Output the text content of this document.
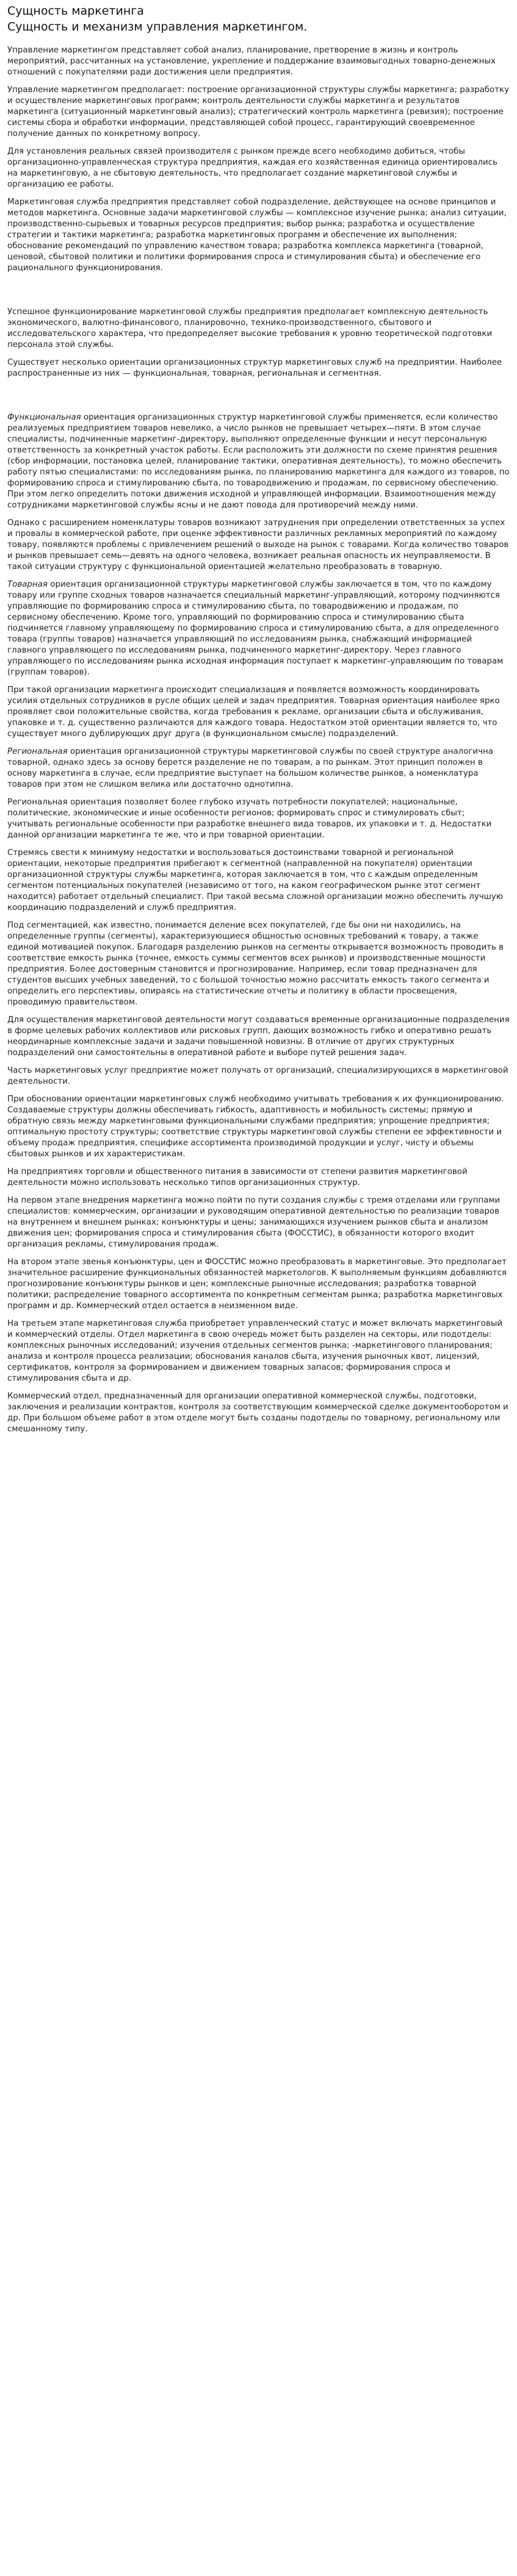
Сущность маркетинга
Сущность и механизм управления маркетингом.

Управление маркетингом представляет собой анализ, планирование, претворение в жизнь и контроль мероприятий, рассчитанных на установление, укрепление и поддержание взаимовыгодных товарно-денежных отношений с покупателями ради достижения цели предприятия.

Управление маркетингом предполагает: построение организационной структуры службы маркетинга; разработку и осуществление маркетинговых программ; контроль деятельности службы маркетинга и результатов маркетинга (ситуационный маркетинговый анализ); стратегический контроль маркетинга (ревизия); построение системы сбора и обработки информации, представляющей собой процесс, гарантирующий своевременное получение данных по конкретному вопросу.

Для установления реальных связей производителя с рынком прежде всего необходимо добиться, чтобы организационно-управленческая структура предприятия, каждая его хозяйственная единица ориентировались на маркетинговую, а не сбытовую деятельность, что предполагает создание маркетинговой службы и организацию ее работы.

Маркетинговая служба предприятия представляет собой подразделение, действующее на основе принципов и методов маркетинга. Основные задачи маркетинговой службы — комплексное изучение рынка; анализ ситуации, производственно-сырьевых и товарных ресурсов предприятия; выбор рынка; разработка и осуществление стратегии и тактики маркетинга; разработка маркетинговых программ и обеспечение их выполнения; обоснование рекомендаций по управлению качеством товара; разработка комплекса маркетинга (товарной, ценовой, сбытовой политики и политики формирования спроса и стимулирования сбыта) и обеспечение его рационального функционирования.

Успешное функционирование маркетинговой службы предприятия предполагает комплексную деятельность экономического, валютно-финансового, планировочно, технико-производственного, сбытового и исследовательского характера, что предопределяет высокие требования к уровню теоретической подготовки персонала этой службы.

Существует несколько ориентации организационных структур маркетинговых служб на предприятии. Наиболее распространенные из них — функциональная, товарная, региональная и сегментная.

Функциональная ориентация организационных структур маркетинговой службы применяется, если количество реализуемых предприятием товаров невелико, а число рынков не превышает четырех—пяти. В этом случае специалисты, подчиненные маркетинг-директору, выполняют определенные функции и несут персональную ответственность за конкретный участок работы. Если расположить эти должности по схеме принятия решения (сбор информации, постановка целей, планирование тактики, оперативная деятельность), то можно обеспечить работу пятью специалистами: по исследованиям рынка, по планированию маркетинга для каждого из товаров, по формированию спроса и стимулированию сбыта, по товародвижению и продажам, по сервисному обеспечению. При этом легко определить потоки движения исходной и управляющей информации. Взаимоотношения между сотрудниками маркетинговой службы ясны и не дают повода для противоречий между ними.

Однако с расширением номенклатуры товаров возникают затруднения при определении ответственных за успех и провалы в коммерческой работе, при оценке эффективности различных рекламных мероприятий по каждому товару, появляются проблемы с привлечением решений о выходе на рынок с товарами. Когда количество товаров и рынков превышает семь—девять на одного человека, возникает реальная опасность их неуправляемости. В такой ситуации структуру с функциональной ориентацией желательно преобразовать в товарную.

Товарная ориентация организационной структуры маркетинговой службы заключается в том, что по каждому товару или группе сходных товаров назначается специальный маркетинг-управляющий, которому подчиняются управляющие по формированию спроса и стимулированию сбыта, по товародвижению и продажам, по сервисному обеспечению. Кроме того, управляющий по формированию спроса и стимулированию сбыта подчиняется главному управляющему по формированию спроса и стимулированию сбыта, а для определенного товара (группы товаров) назначается управляющий по исследованиям рынка, снабжающий информацией главного управляющего по исследованиям рынка, подчиненного маркетинг-директору. Через главного управляющего по исследованиям рынка исходная информация поступает к маркетинг-управляющим по товарам (группам товаров).

При такой организации маркетинга происходит специализация и появляется возможность координировать усилия отдельных сотрудников в русле общих целей и задач предприятия. Товарная ориентация наиболее ярко проявляет свои положительные свойства, когда требования к рекламе, организации сбыта и обслуживания, упаковке и т. д. существенно различаются для каждого товара. Недостатком этой ориентации является то, что существует много дублирующих друг друга (в функциональном смысле) подразделений.

Региональная ориентация организационной структуры маркетинговой службы по своей структуре аналогична товарной, однако здесь за основу берется разделение не по товарам, а по рынкам. Этот принцип положен в основу маркетинга в случае, если предприятие выступает на большом количестве рынков, а номенклатура товаров при этом не слишком велика или достаточно однотипна.

Региональная ориентация позволяет более глубоко изучать потребности покупателей; национальные, политические, экономические и иные особенности регионов; формировать спрос и стимулировать сбыт; учитывать региональные особенности при разработке внешнего вида товаров, их упаковки и т. д. Недостатки данной организации маркетинга те же, что и при товарной ориентации.

Стремясь свести к минимуму недостатки и воспользоваться достоинствами товарной и региональной ориентации, некоторые предприятия прибегают к сегментной (направленной на покупателя) ориентации организационной структуры службы маркетинга, которая заключается в том, что с каждым определенным сегментом потенциальных покупателей (независимо от того, на каком географическом рынке этот сегмент находится) работает отдельный специалист. При такой весьма сложной организации можно обеспечить лучшую координацию подразделений и служб предприятия.

Под сегментацией, как известно, понимается деление всех покупателей, где бы они ни находились, на определенные группы (сегменты), характеризующиеся общностью основных требований к товару, а также единой мотивацией покупок. Благодаря разделению рынков на сегменты открывается возможность проводить в соответствие емкость рынка (точнее, емкость суммы сегментов всех рынков) и производственные мощности предприятия. Более достоверным становится и прогнозирование. Например, если товар предназначен для студентов высших учебных заведений, то с большой точностью можно рассчитать емкость такого сегмента и определить его перспективы, опираясь на статистические отчеты и политику в области просвещения, проводимую правительством.

Для осуществления маркетинговой деятельности могут создаваться временные организационные подразделения в форме целевых рабочих коллективов или рисковых групп, дающих возможность гибко и оперативно решать неординарные комплексные задачи и задачи повышенной новизны. В отличие от других структурных подразделений они самостоятельны в оперативной работе и выборе путей решения задач.

Часть маркетинговых услуг предприятие может получать от организаций, специализирующихся в маркетинговой деятельности.

При обосновании ориентации маркетинговых служб необходимо учитывать требования к их функционированию. Создаваемые структуры должны обеспечивать гибкость, адаптивность и мобильность системы; прямую и обратную связь между маркетинговыми функциональными службами предприятия; упрощение предприятия; оптимальную простоту структуры; соответствие структуры маркетинговой службы степени ее эффективности и объему продаж предприятия, специфике ассортимента производимой продукции и услуг, чисту и объемы сбытовых рынков и их характеристикам.

На предприятиях торговли и общественного питания в зависимости от степени развития маркетинговой деятельности можно использовать несколько типов организационных структур.

На первом этапе внедрения маркетинга можно пойти по пути создания службы с тремя отделами или группами специалистов: коммерческим, организации и руководящим оперативной деятельностью по реализации товаров на внутреннем и внешнем рынках; конъюнктуры и цены; занимающихся изучением рынков сбыта и анализом движения цен; формирования спроса и стимулирования сбыта (ФОССТИС), в обязанности которого входит организация рекламы, стимулирования продаж.

На втором этапе звенья конъюнктуры, цен и ФОССТИС можно преобразовать в маркетинговые. Это предполагает значительное расширение функциональных обязанностей маркетологов. К выполняемым функциям добавляются прогнозирование конъюнктуры рынков и цен; комплексные рыночные исследования; разработка товарной политики; распределение товарного ассортимента по конкретным сегментам рынка; разработка маркетинговых программ и др. Коммерческий отдел остается в неизменном виде.

На третьем этапе маркетинговая служба приобретает управленческий статус и может включать маркетинговый и коммерческий отделы. Отдел маркетинга в свою очередь может быть разделен на секторы, или подотделы: комплексных рыночных исследований; изучения отдельных сегментов рынка; -маркетингового планирования; анализа и контроля процесса реализации; обоснования каналов сбыта, изучения рыночных квот, лицензий, сертификатов, контроля за формированием и движением товарных запасов; формирования спроса и стимулирования сбыта и др.

Коммерческий отдел, предназначенный для организации оперативной коммерческой службы, подготовки, заключения и реализации контрактов, контроля за соответствующим коммерческой сделке документооборотом и др. При большом объеме работ в этом отделе могут быть созданы подотделы по товарному, региональному или смешанному типу.
